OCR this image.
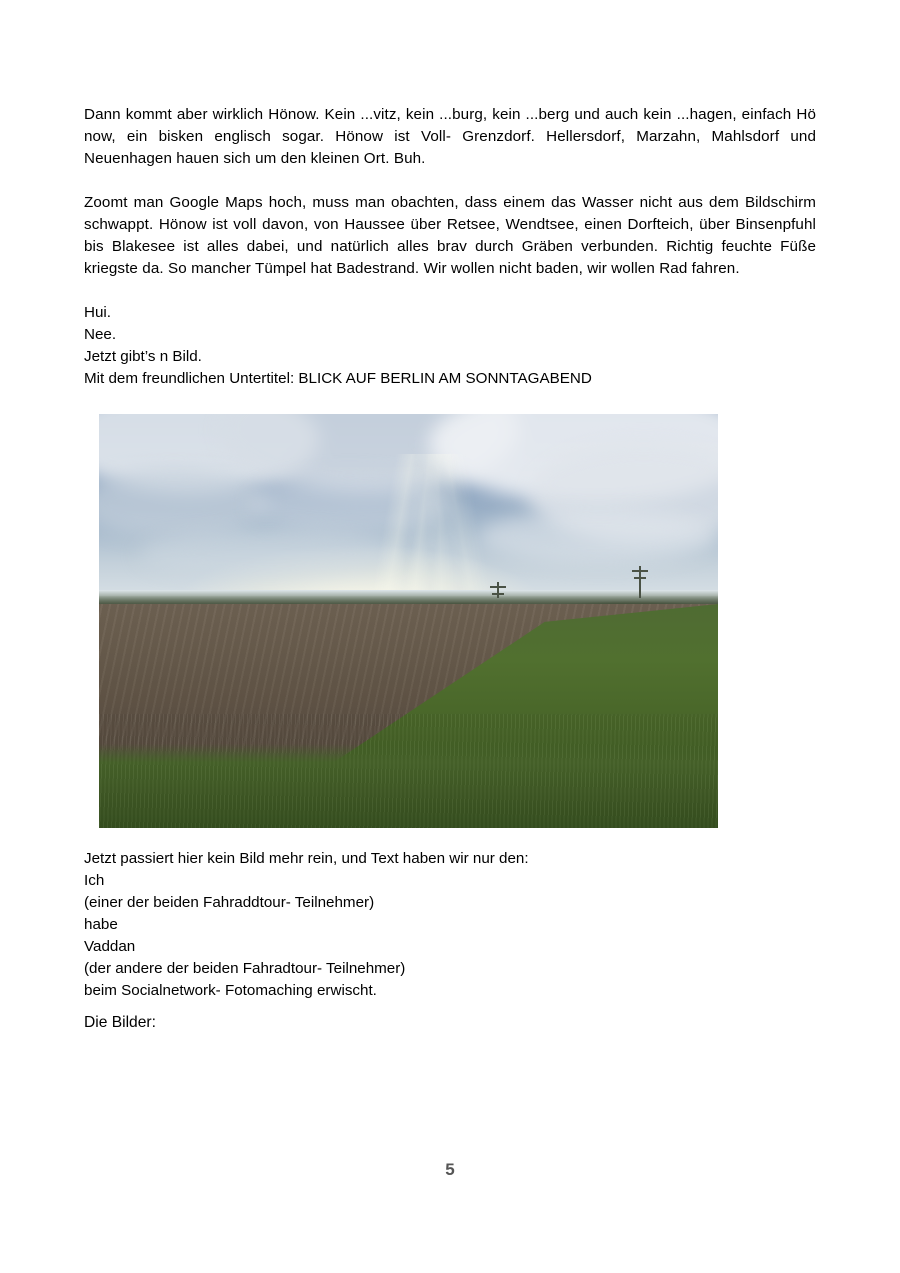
Dann kommt aber wirklich Hönow. Kein ...vitz, kein ...burg, kein ...berg und auch kein ...hagen, einfach Hö now, ein bisken englisch sogar. Hönow ist Voll- Grenzdorf. Hellersdorf, Marzahn, Mahlsdorf und Neuenhagen hauen sich um den kleinen Ort. Buh.

Zoomt man Google Maps hoch, muss man obachten, dass einem das Wasser nicht aus dem Bildschirm schwappt. Hönow ist voll davon, von Haussee über Retsee, Wendtsee, einen Dorfteich, über Binsenpfuhl bis Blakesee ist alles dabei, und natürlich alles brav durch Gräben verbunden. Richtig feuchte Füße kriegste da. So mancher Tümpel hat Badestrand. Wir wollen nicht baden, wir wollen Rad fahren.

Hui.
Nee.
Jetzt gibt’s n Bild.
Mit dem freundlichen Untertitel: BLICK AUF BERLIN AM SONNTAGABEND
Jetzt passiert hier kein Bild mehr rein, und Text haben wir nur den:
Ich
(einer der beiden Fahraddtour- Teilnehmer)
habe
Vaddan
(der andere der beiden Fahradtour- Teilnehmer)
beim Socialnetwork- Fotomaching erwischt.
Die Bilder:
5
